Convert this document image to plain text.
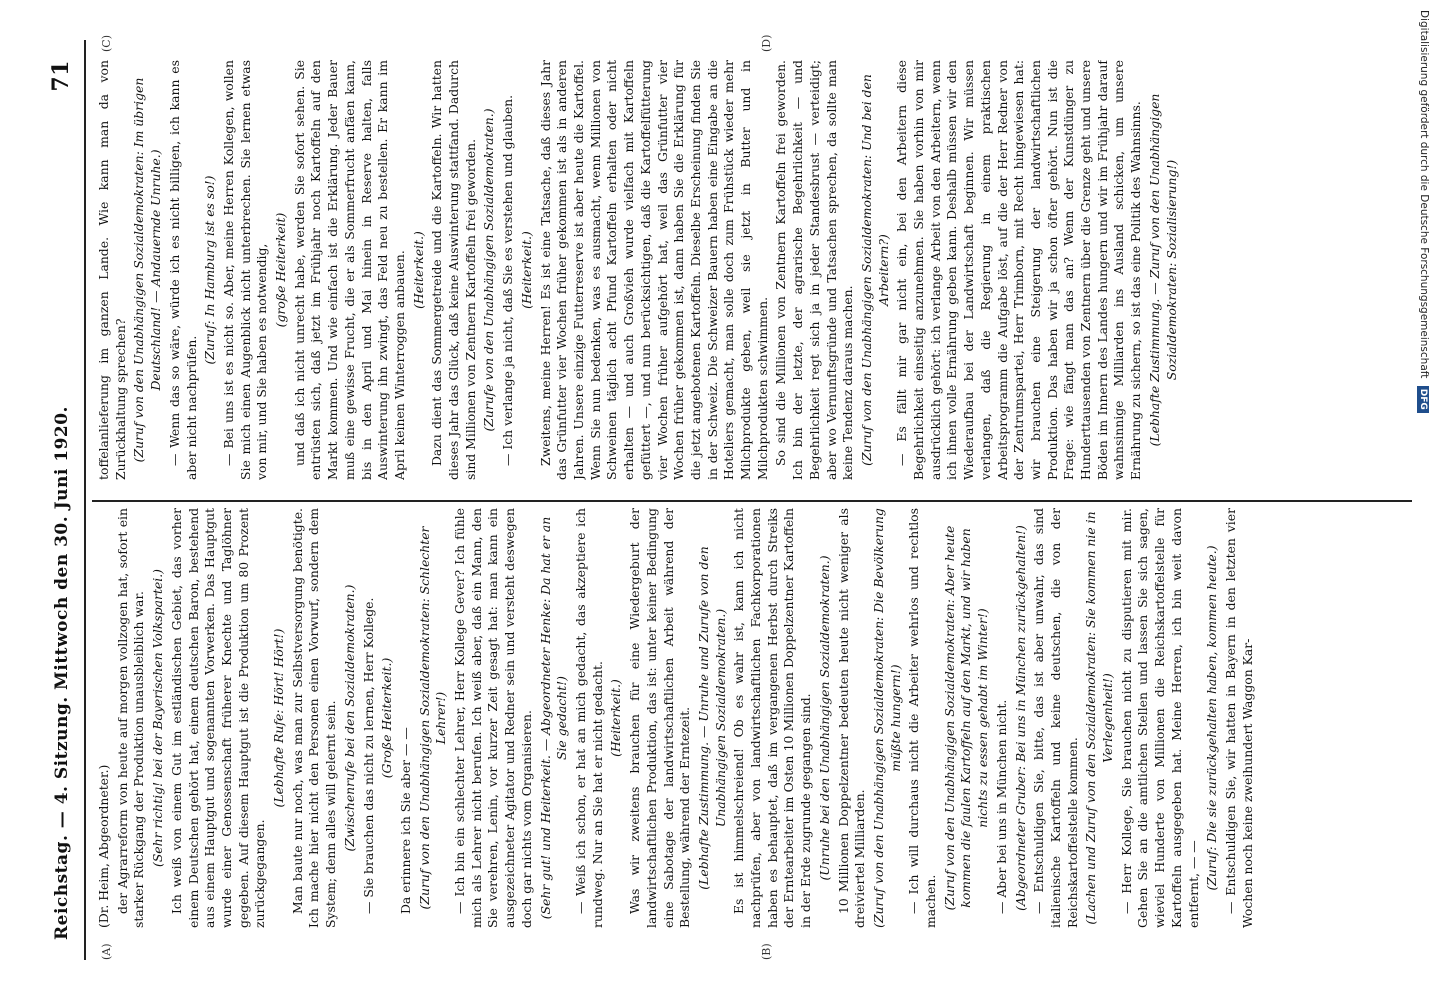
Reichstag. — 4. Sitzung. Mittwoch den 30. Juni 1920.
71
(A)	(B)
(C)	(D)

(Dr. Heim, Abgeordneter.) der Agrarreform von heute auf morgen vollzogen hat, sofort ein starker Rückgang der Produktion unausbleiblich war. (Sehr richtig! bei der Bayerischen Volkspartei.) Ich weiß von einem Gut im estländischen Gebiet, das vorher einem Deutschen gehört hat, einem deutschen Baron, bestehend aus einem Hauptgut und sogenannten Vorwerken. Das Hauptgut wurde einer Genossenschaft früherer Knechte und Taglöhner gegeben. Auf diesem Hauptgut ist die Produktion um 80 Prozent zurückgegangen.

(Lebhafte Rufe: Hört! Hört!) Man baute nur noch, was man zur Selbstversorgung benötigte. Ich mache hier nicht den Personen einen Vorwurf, sondern dem System; denn alles will gelernt sein. (Zwischenrufe bei den Sozialdemokraten.) — Sie brauchen das nicht zu lernen, Herr Kollege. (Große Heiterkeit.)

Da erinnere ich Sie aber — — (Zuruf von den Unabhängigen Sozialdemokraten: Schlechter Lehrer!) — Ich bin ein schlechter Lehrer, Herr Kollege Gever? Ich fühle mich als Lehrer nicht berufen. Ich weiß aber, daß ein Mann, den Sie verehren, Lenin, vor kurzer Zeit gesagt hat: man kann ein ausgezeichneter Agitator und Redner sein und versteht deswegen doch gar nichts vom Organisieren. (Sehr gut! und Heiterkeit. — Abgeordneter Henke: Da hat er an Sie gedacht!) — Weiß ich schon, er hat an mich gedacht, das akzeptiere ich rundweg. Nur an Sie hat er nicht gedacht. (Heiterkeit.) Was wir zweitens brauchen für eine Wiedergeburt der landwirtschaftlichen Produktion, das ist: unter keiner Bedingung eine Sabotage der landwirtschaftlichen Arbeit während der Bestellung, während der Erntezeit. (Lebhafte Zustimmung. — Unruhe und Zurufe von den Unabhängigen Sozialdemokraten.) Es ist himmelschreiend! Ob es wahr ist, kann ich nicht nachprüfen, aber von landwirtschaftlichen Fachkorporationen haben es behauptet, daß im vergangenen Herbst durch Streiks der Erntearbeiter im Osten 10 Millionen Doppelzentner Kartoffeln in der Erde zugrunde gegangen sind. (Unruhe bei den Unabhängigen Sozialdemokraten.) 10 Millionen Doppelzentner bedeuten heute nicht weniger als dreiviertel Milliarden. (Zuruf von den Unabhängigen Sozialdemokraten: Die Bevölkerung müßte hungern!) — Ich will durchaus nicht die Arbeiter wehrlos und rechtlos machen. (Zuruf von den Unabhängigen Sozialdemokraten: Aber heute kommen die faulen Kartoffeln auf den Markt, und wir haben nichts zu essen gehabt im Winter!) — Aber bei uns in München nicht. (Abgeordneter Gruber: Bei uns in München zurückgehalten!) — Entschuldigen Sie, bitte, das ist aber unwahr, das sind italienische Kartoffeln und keine deutschen, die von der Reichskartoffelstelle kommen. (Lachen und Zuruf von den Sozialdemokraten: Sie kommen nie in Verlegenheit!) — Herr Kollege, Sie brauchen nicht zu disputieren mit mir. Gehen Sie an die amtlichen Stellen und lassen Sie sich sagen, wieviel Hunderte von Millionen die Reichskartoffelstelle für Kartoffeln ausgegeben hat. Meine Herren, ich bin weit davon entfernt, — — (Zuruf: Die sie zurückgehalten haben, kommen heute.) — Entschuldigen Sie, wir hatten in Bayern in den letzten vier Wochen noch keine zweihundert Waggon Kar-

toffelanlieferung im ganzen Lande. Wie kann man da von Zurückhaltung sprechen? (Zuruf von den Unabhängigen Sozialdemokraten: Im übrigen Deutschland! — Andauernde Unruhe.) — Wenn das so wäre, würde ich es nicht billigen, ich kann es aber nicht nachprüfen.

(Zuruf: In Hamburg ist es so!) — Bei uns ist es nicht so. Aber, meine Herren Kollegen, wollen Sie mich einen Augenblick nicht unterbrechen. Sie lernen etwas von mir, und Sie haben es notwendig, (große Heiterkeit) und daß ich nicht unrecht habe, werden Sie sofort sehen. Sie entrüsten sich, daß jetzt im Frühjahr noch Kartoffeln auf den Markt kommen. Und wie einfach ist die Erklärung. Jeder Bauer muß eine gewisse Frucht, die er als Sommerfrucht anfäen kann, bis in den April und Mai hinein in Reserve halten, falls Auswinterung ihn zwingt, das Feld neu zu bestellen. Er kann im April keinen Winterroggen anbauen. (Heiterkeit.) Dazu dient das Sommergetreide und die Kartoffeln. Wir hatten dieses Jahr das Glück, daß keine Auswinterung stattfand. Dadurch sind Millionen von Zentnern Kartoffeln frei geworden. (Zurufe von den Unabhängigen Sozialdemokraten.) — Ich verlange ja nicht, daß Sie es verstehen und glauben. (Heiterkeit.) Zweitens, meine Herren! Es ist eine Tatsache, daß dieses Jahr das Grünfutter vier Wochen früher gekommen ist als in anderen Jahren. Unsere einzige Futterreserve ist aber heute die Kartoffel. Wenn Sie nun bedenken, was es ausmacht, wenn Millionen von Schweinen täglich acht Pfund Kartoffeln erhalten oder nicht erhalten — und auch Großvieh wurde vielfach mit Kartoffeln gefüttert —, und nun berücksichtigen, daß die Kartoffelfütterung vier Wochen früher aufgehört hat, weil das Grünfutter vier Wochen früher gekommen ist, dann haben Sie die Erklärung für die jetzt angebotenen Kartoffeln. Dieselbe Erscheinung finden Sie in der Schweiz. Die Schweizer Bauern haben eine Eingabe an die Hoteliers gemacht, man solle doch zum Frühstück wieder mehr Milchprodukte geben, weil sie jetzt in Butter und in Milchprodukten schwimmen. So sind die Millionen von Zentnern Kartoffeln frei geworden. Ich bin der letzte, der agrarische Begehrlichkeit — und Begehrlichkeit regt sich ja in jeder Standesbrust — verteidigt; aber wo Vernunftsgründe und Tatsachen sprechen, da sollte man keine Tendenz daraus machen. (Zuruf von den Unabhängigen Sozialdemokraten: Und bei den Arbeitern?) — Es fällt mir gar nicht ein, bei den Arbeitern diese Begehrlichkeit einseitig anzunehmen. Sie haben vorhin von mir ausdrücklich gehört: ich verlange Arbeit von den Arbeitern, wenn ich ihnen volle Ernährung geben kann. Deshalb müssen wir den Wiederaufbau bei der Landwirtschaft beginnen. Wir müssen verlangen, daß die Regierung in einem praktischen Arbeitsprogramm die Aufgabe löst, auf die der Herr Redner von der Zentrumspartei, Herr Trimborn, mit Recht hingewiesen hat: wir brauchen eine Steigerung der landwirtschaftlichen Produktion. Das haben wir ja schon öfter gehört. Nun ist die Frage: wie fängt man das an? Wenn der Kunstdünger zu Hunderttausenden von Zentnern über die Grenze geht und unsere Böden im Innern des Landes hungern und wir im Frühjahr darauf wahnsinnige Milliarden ins Ausland schicken, um unsere Ernährung zu sichern, so ist das eine Politik des Wahnsinns. (Lebhafte Zustimmung. — Zuruf von den Unabhängigen Sozialdemokraten: Sozialisierung!)	Digitalisierung gefördert durch die Deutsche Forschungsgemeinschaft DFG
